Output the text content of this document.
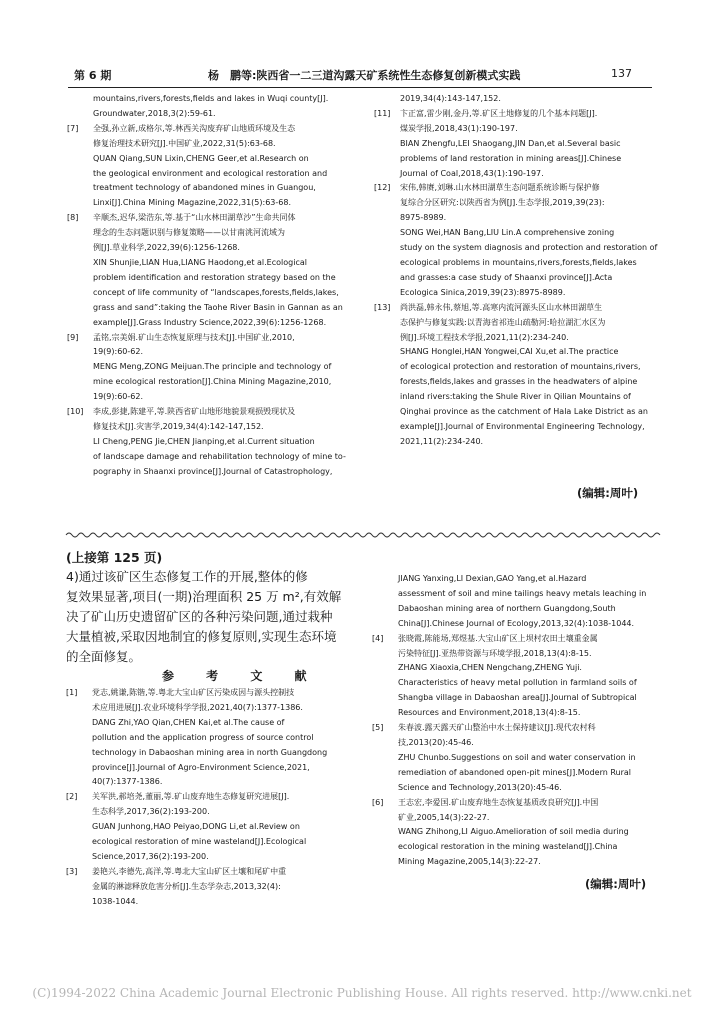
第 6 期	杨　鹏等:陕西省一二三道沟露天矿系统性生态修复创新模式实践	137
mountains,rivers,forests,fields and lakes in Wuqi county[J].
Groundwater,2018,3(2):59-61.
[7] 全强,孙立新,成格尔,等.林西关沟废弃矿山地质环境及生态
修复治理技术研究[J].中国矿业,2022,31(5):63-68.
QUAN Qiang,SUN Lixin,CHENG Geer,et al.Research on
the geological environment and ecological restoration and
treatment technology of abandoned mines in Guangou,
Linxi[J].China Mining Magazine,2022,31(5):63-68.
[8] 辛顺杰,迟华,梁浩东,等.基于“山水林田湖草沙”生命共同体
理念的生态问题识别与修复策略——以甘南洮河流域为
例[J].草业科学,2022,39(6):1256-1268.
XIN Shunjie,LIAN Hua,LIANG Haodong,et al.Ecological
problem identification and restoration strategy based on the
concept of life community of “landscapes,forests,fields,lakes,
grass and sand”:taking the Taohe River Basin in Gannan as an
example[J].Grass Industry Science,2022,39(6):1256-1268.
[9] 孟铭,宗美娟.矿山生态恢复原理与技术[J].中国矿业,2010,
19(9):60-62.
MENG Meng,ZONG Meijuan.The principle and technology of
mine ecological restoration[J].China Mining Magazine,2010,
19(9):60-62.
[10] 李成,彭捷,陈建平,等.陕西省矿山地形地貌景观损毁现状及
修复技术[J].灾害学,2019,34(4):142-147,152.
LI Cheng,PENG Jie,CHEN Jianping,et al.Current situation
of landscape damage and rehabilitation technology of mine to-
pography in Shaanxi province[J].Journal of Catastrophology,
2019,34(4):143-147,152.
[11] 卞正富,雷少刚,金丹,等.矿区土地修复的几个基本问题[J].
煤炭学报,2018,43(1):190-197.
BIAN Zhengfu,LEI Shaogang,JIN Dan,et al.Several basic
problems of land restoration in mining areas[J].Chinese
Journal of Coal,2018,43(1):190-197.
[12] 宋伟,韩赓,刘琳.山水林田湖草生态问题系统诊断与保护修
复综合分区研究:以陕西省为例[J].生态学报,2019,39(23):
8975-8989.
SONG Wei,HAN Bang,LIU Lin.A comprehensive zoning
study on the system diagnosis and protection and restoration of
ecological problems in mountains,rivers,forests,fields,lakes
and grasses:a case study of Shaanxi province[J].Acta
Ecologica Sinica,2019,39(23):8975-8989.
[13] 尚洪磊,韩永伟,蔡旭,等.高寒内流河源头区山水林田湖草生
态保护与修复实践:以青海省祁连山疏勒河:哈拉湖汇水区为
例[J].环境工程技术学报,2021,11(2):234-240.
SHANG Honglei,HAN Yongwei,CAI Xu,et al.The practice
of ecological protection and restoration of mountains,rivers,
forests,fields,lakes and grasses in the headwaters of alpine
inland rivers:taking the Shule River in Qilian Mountains of
Qinghai province as the catchment of Hala Lake District as an
example[J].Journal of Environmental Engineering Technology,
2021,11(2):234-240.
(编辑:周叶)
(上接第 125 页)
4)通过该矿区生态修复工作的开展,整体的修
复效果显著,项目(一期)治理面积 25 万 m²,有效解
决了矿山历史遗留矿区的各种污染问题,通过栽种
大量植被,采取因地制宜的修复原则,实现生态环境
的全面修复。
参 考 文 献
[1] 党志,姚谦,陈锴,等.粤北大宝山矿区污染成因与源头控制技
术应用进展[J].农业环境科学学报,2021,40(7):1377-1386.
DANG Zhi,YAO Qian,CHEN Kai,et al.The cause of
pollution and the application progress of source control
technology in Dabaoshan mining area in north Guangdong
province[J].Journal of Agro-Environment Science,2021,
40(7):1377-1386.
[2] 关军洪,郝培尧,董丽,等.矿山废弃地生态修复研究进展[J].
生态科学,2017,36(2):193-200.
GUAN Junhong,HAO Peiyao,DONG Li,et al.Review on
ecological restoration of mine wasteland[J].Ecological
Science,2017,36(2):193-200.
[3] 姜艳兴,李德先,高洋,等.粤北大宝山矿区土壤和尾矿中重
金属的淋滤释放危害分析[J].生态学杂志,2013,32(4):
1038-1044.
JIANG Yanxing,LI Dexian,GAO Yang,et al.Hazard
assessment of soil and mine tailings heavy metals leaching in
Dabaoshan mining area of northern Guangdong,South
China[J].Chinese Journal of Ecology,2013,32(4):1038-1044.
[4] 张晓霞,陈能场,郑煜基.大宝山矿区上坝村农田土壤重金属
污染特征[J].亚热带资源与环境学报,2018,13(4):8-15.
ZHANG Xiaoxia,CHEN Nengchang,ZHENG Yuji.
Characteristics of heavy metal pollution in farmland soils of
Shangba village in Dabaoshan area[J].Journal of Subtropical
Resources and Environment,2018,13(4):8-15.
[5] 朱春波.露天露天矿山整治中水土保持建议[J].现代农村科
技,2013(20):45-46.
ZHU Chunbo.Suggestions on soil and water conservation in
remediation of abandoned open-pit mines[J].Modern Rural
Science and Technology,2013(20):45-46.
[6] 王志宏,李爱国.矿山废弃地生态恢复基质改良研究[J].中国
矿业,2005,14(3):22-27.
WANG Zhihong,LI Aiguo.Amelioration of soil media during
ecological restoration in the mining wasteland[J].China
Mining Magazine,2005,14(3):22-27.
(编辑:周叶)
(C)1994-2022 China Academic Journal Electronic Publishing House. All rights reserved. http://www.cnki.net
